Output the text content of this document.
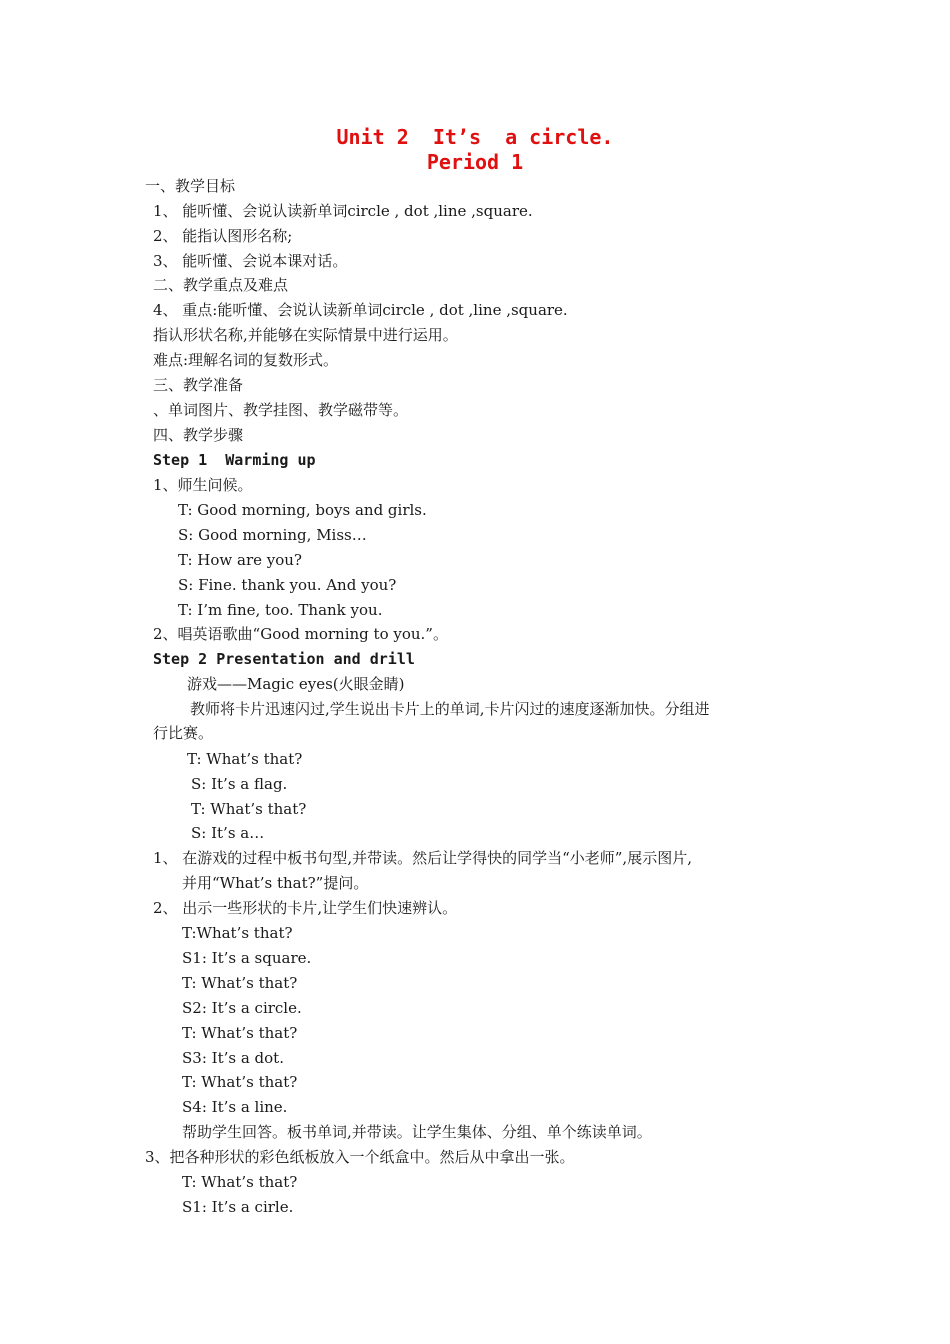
Unit 2  It’s  a circle.
Period 1
一、教学目标
1、 能听懂、会说认读新单词circle , dot ,line ,square.
2、 能指认图形名称;
3、 能听懂、会说本课对话。
二、教学重点及难点
4、 重点:能听懂、会说认读新单词circle , dot ,line ,square.
指认形状名称,并能够在实际情景中进行运用。
难点:理解名词的复数形式。
三、教学准备
、单词图片、教学挂图、教学磁带等。
四、教学步骤
Step 1  Warming up
1、师生问候。
T: Good morning, boys and girls.
S: Good morning, Miss…
T: How are you?
S: Fine. thank you. And you?
T: I’m fine, too. Thank you.
2、唱英语歌曲“Good morning to you.”。
Step 2 Presentation and drill
游戏——Magic eyes(火眼金睛)
教师将卡片迅速闪过,学生说出卡片上的单词,卡片闪过的速度逐渐加快。分组进
行比赛。
T: What’s that?
S: It’s a flag.
T: What’s that?
S: It’s a…
1、 在游戏的过程中板书句型,并带读。然后让学得快的同学当“小老师”,展示图片,
并用“What’s that?”提问。
2、 出示一些形状的卡片,让学生们快速辨认。
T:What’s that?
S1: It’s a square.
T: What’s that?
S2: It’s a circle.
T: What’s that?
S3: It’s a dot.
T: What’s that?
S4: It’s a line.
帮助学生回答。板书单词,并带读。让学生集体、分组、单个练读单词。
3、把各种形状的彩色纸板放入一个纸盒中。然后从中拿出一张。
T: What’s that?
S1: It’s a cirle.
